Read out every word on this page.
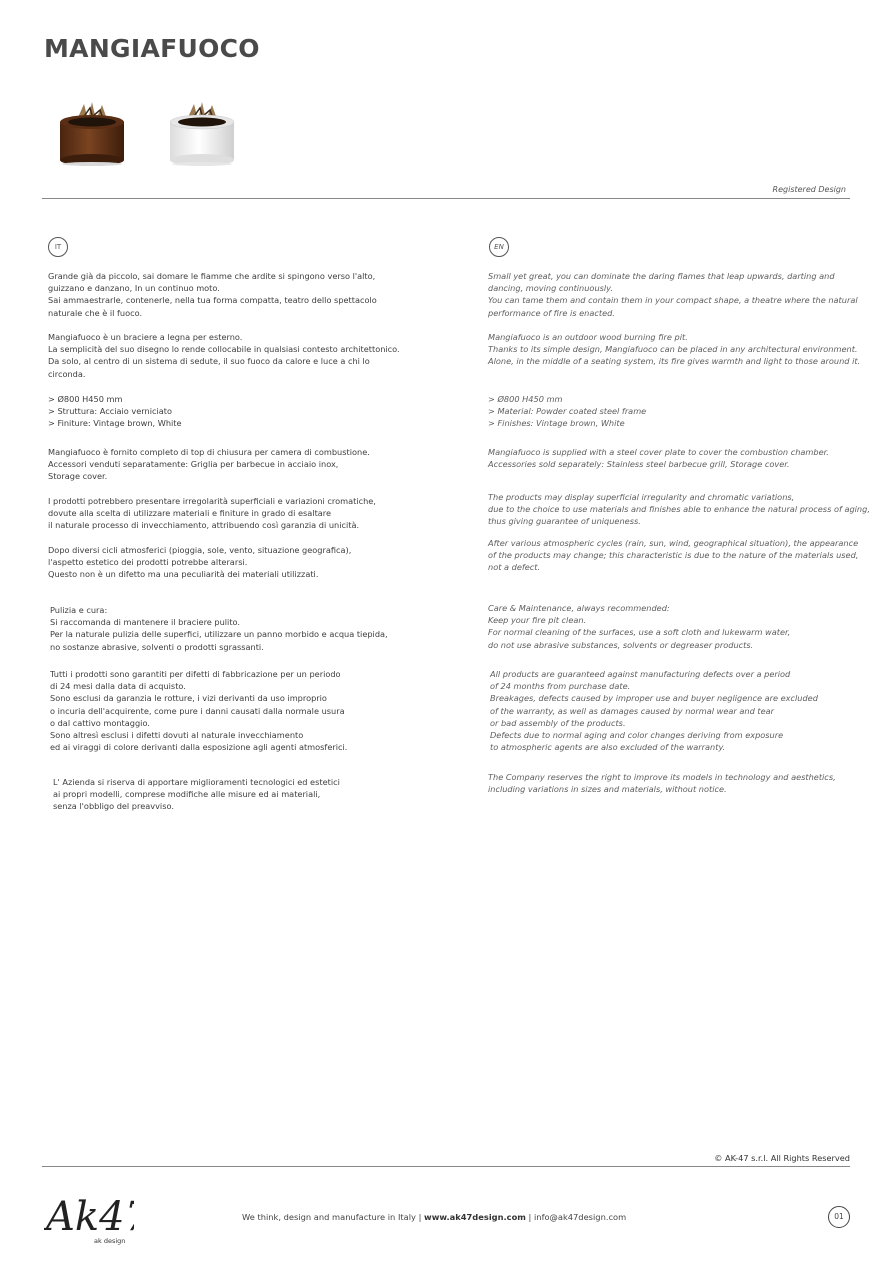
MANGIAFUOCO
Registered Design
IT	EN

Grande già da piccolo, sai domare le fiamme che ardite si spingono verso l'alto,
guizzano e danzano, In un continuo moto.
Sai ammaestrarle, contenerle, nella tua forma compatta, teatro dello spettacolo
naturale che è il fuoco.

Mangiafuoco è un braciere a legna per esterno.
La semplicità del suo disegno lo rende collocabile in qualsiasi contesto architettonico.
Da solo, al centro di un sistema di sedute, il suo fuoco da calore e luce a chi lo
circonda.

> Ø800 H450 mm
> Struttura: Acciaio verniciato
> Finiture: Vintage brown, White

Mangiafuoco è fornito completo di top di chiusura per camera di combustione.
Accessori venduti separatamente: Griglia per barbecue in acciaio inox,
Storage cover.

I prodotti potrebbero presentare irregolarità superficiali e variazioni cromatiche,
dovute alla scelta di utilizzare materiali e finiture in grado di esaltare
il naturale processo di invecchiamento, attribuendo così garanzia di unicità.

Dopo diversi cicli atmosferici (pioggia, sole, vento, situazione geografica),
l'aspetto estetico dei prodotti potrebbe alterarsi.
Questo non è un difetto ma una peculiarità dei materiali utilizzati.

Pulizia e cura:
Si raccomanda di mantenere il braciere pulito.
Per la naturale pulizia delle superfici, utilizzare un panno morbido e acqua tiepida,
no sostanze abrasive, solventi o prodotti sgrassanti.

Tutti i prodotti sono garantiti per difetti di fabbricazione per un periodo
di 24 mesi dalla data di acquisto.
Sono esclusi da garanzia le rotture, i vizi derivanti da uso improprio
o incuria dell'acquirente, come pure i danni causati dalla normale usura
o dal cattivo montaggio.
Sono altresì esclusi i difetti dovuti al naturale invecchiamento
ed ai viraggi di colore derivanti dalla esposizione agli agenti atmosferici.

L' Azienda si riserva di apportare miglioramenti tecnologici ed estetici
ai propri modelli, comprese modifiche alle misure ed ai materiali,
senza l'obbligo del preavviso.

Small yet great, you can dominate the daring flames that leap upwards, darting and
dancing, moving continuously.
You can tame them and contain them in your compact shape, a theatre where the natural
performance of fire is enacted.

Mangiafuoco is an outdoor wood burning fire pit.
Thanks to its simple design, Mangiafuoco can be placed in any architectural environment.
Alone, in the middle of a seating system, its fire gives warmth and light to those around it.

> Ø800 H450 mm
> Material: Powder coated steel frame
> Finishes: Vintage brown, White

Mangiafuoco is supplied with a steel cover plate to cover the combustion chamber.
Accessories sold separately: Stainless steel barbecue grill, Storage cover.

The products may display superficial irregularity and chromatic variations,
due to the choice to use materials and finishes able to enhance the natural process of aging,
thus giving guarantee of uniqueness.

After various atmospheric cycles (rain, sun, wind, geographical situation), the appearance
of the products may change; this characteristic is due to the nature of the materials used,
not a defect.

Care & Maintenance, always recommended:
Keep your fire pit clean.
For normal cleaning of the surfaces, use a soft cloth and lukewarm water,
do not use abrasive substances, solvents or degreaser products.

All products are guaranteed against manufacturing defects over a period
of 24 months from purchase date.
Breakages, defects caused by improper use and buyer negligence are excluded
of the warranty, as well as damages caused by normal wear and tear
or bad assembly of the products.
Defects due to normal aging and color changes deriving from exposure
to atmospheric agents are also excluded of the warranty.

The Company reserves the right to improve its models in technology and aesthetics,
including variations in sizes and materials, without notice.

© AK-47 s.r.l. All Rights Reserved
Ak4
ak design
We think, design and manufacture in Italy | www.ak47design.com | info@ak47design.com	01
